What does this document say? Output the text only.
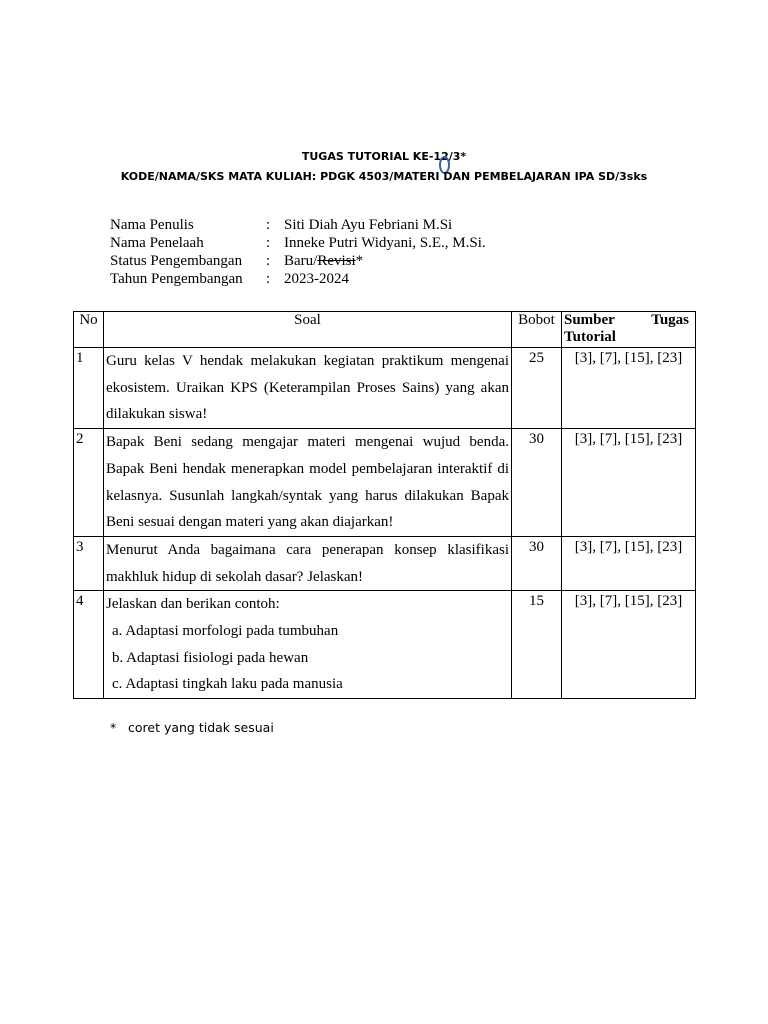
TUGAS TUTORIAL KE-1
2/3*
KODE/NAMA/SKS MATA KULIAH: PDGK 4503/MATERI DAN PEMBELAJARAN IPA SD/3sks
Nama Penulis	: Siti Diah Ayu Febriani M.Si
Nama Penelaah	: Inneke Putri Widyani, S.E., M.Si.
Status Pengembangan : Baru/Revisi*
Tahun Pengembangan : 2023-2024
No	Soal	Bobot	Sumber Tugas
Tutorial

1	Guru kelas V hendak melakukan kegiatan praktikum mengenai ekosistem. Uraikan KPS (Keterampilan Proses Sains) yang akan dilakukan siswa!	25	[3], [7], [15], [23]
2	Bapak Beni sedang mengajar materi mengenai wujud benda. Bapak Beni hendak menerapkan model pembelajaran interaktif di kelasnya. Susunlah langkah/syntak yang harus dilakukan Bapak Beni sesuai dengan materi yang akan diajarkan!	30	[3], [7], [15], [23]
3	Menurut Anda bagaimana cara penerapan konsep klasifikasi makhluk hidup di sekolah dasar? Jelaskan!	30	[3], [7], [15], [23]
4	Jelaskan dan berikan contoh:
a. Adaptasi morfologi pada tumbuhan
b. Adaptasi fisiologi pada hewan
c. Adaptasi tingkah laku pada manusia	15	[3], [7], [15], [23]
* coret yang tidak sesuai
